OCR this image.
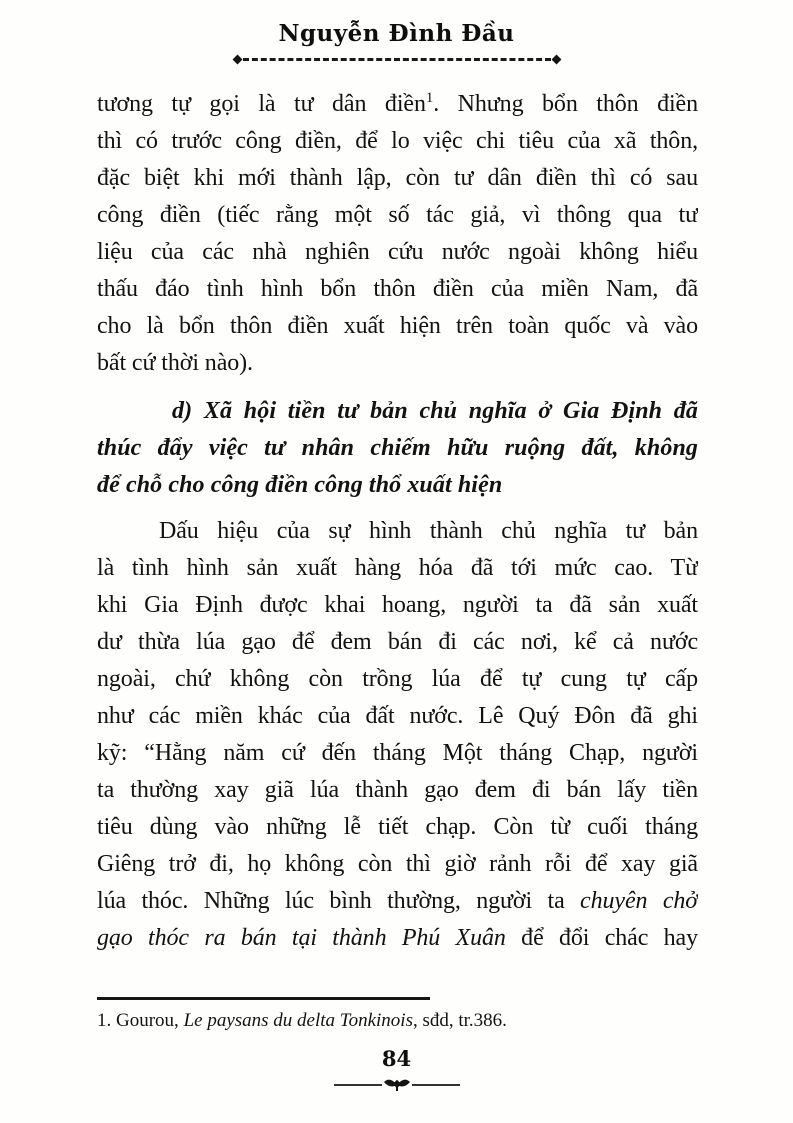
Nguyễn Đình Đầu
tương tự gọi là tư dân điền$^1$. Nhưng bổn thôn điền
thì có trước công điền, để lo việc chi tiêu của xã thôn,
đặc biệt khi mới thành lập, còn tư dân điền thì có sau
công điền (tiếc rằng một số tác giả, vì thông qua tư
liệu của các nhà nghiên cứu nước ngoài không hiểu
thấu đáo tình hình bổn thôn điền của miền Nam, đã
cho là bổn thôn điền xuất hiện trên toàn quốc và vào
bất cứ thời nào).
d) Xã hội tiền tư bản chủ nghĩa ở Gia Định đã
thúc đẩy việc tư nhân chiếm hữu ruộng đất, không
để chỗ cho công điền công thổ xuất hiện
Dấu hiệu của sự hình thành chủ nghĩa tư bản
là tình hình sản xuất hàng hóa đã tới mức cao. Từ
khi Gia Định được khai hoang, người ta đã sản xuất
dư thừa lúa gạo để đem bán đi các nơi, kể cả nước
ngoài, chứ không còn trồng lúa để tự cung tự cấp
như các miền khác của đất nước. Lê Quý Đôn đã ghi
kỹ: “Hằng năm cứ đến tháng Một tháng Chạp, người
ta thường xay giã lúa thành gạo đem đi bán lấy tiền
tiêu dùng vào những lễ tiết chạp. Còn từ cuối tháng
Giêng trở đi, họ không còn thì giờ rảnh rỗi để xay giã
lúa thóc. Những lúc bình thường, người ta chuyên chở
gạo thóc ra bán tại thành Phú Xuân để đổi chác hay
1. Gourou, Le paysans du delta Tonkinois, sđd, tr.386.
84
